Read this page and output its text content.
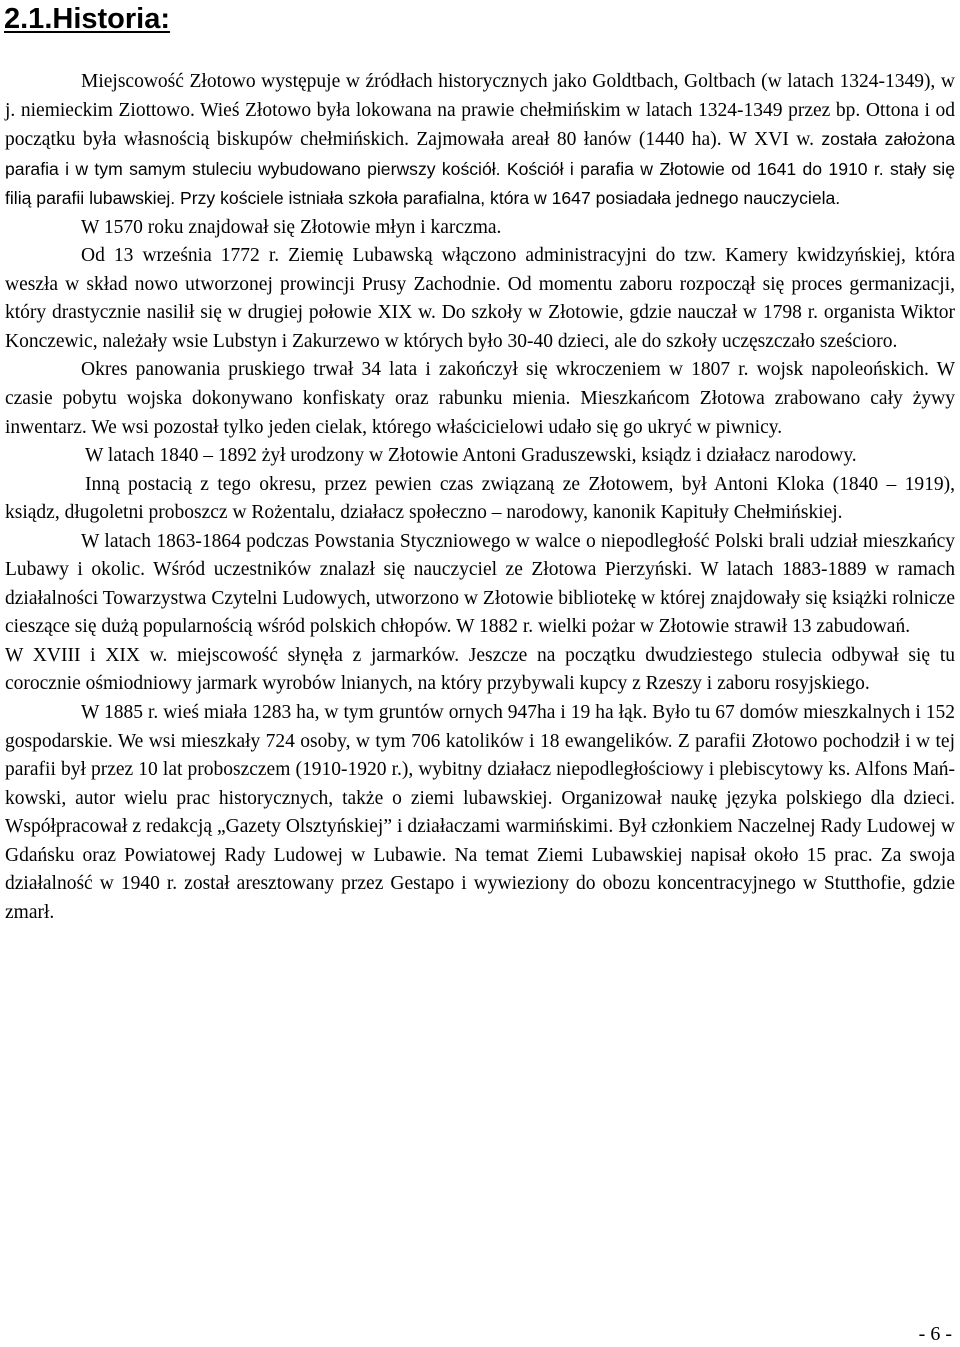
2.1.Historia:

Miejscowość Złotowo występuje w źródłach historycznych jako Goldtbach, Goltbach (w latach 1324-1349), w j. niemieckim Ziottowo. Wieś Złotowo była lokowana na prawie chełmińskim w latach 1324-1349 przez bp. Ottona i od początku była własnością biskupów chełmińskich. Zajmowała areał 80 łanów (1440 ha). W XVI w. została założona parafia i w tym samym stuleciu wybudowano pierwszy kościół. Kościół i parafia w Złotowie od 1641 do 1910 r. stały się filią parafii lubawskiej. Przy kościele istniała szkoła parafialna, która w 1647 posiadała jednego nauczyciela.

W 1570 roku znajdował się Złotowie młyn i karczma.

Od 13 września 1772 r. Ziemię Lubawską włączono administracyjni do tzw. Kamery kwidzyńskiej, która weszła w skład nowo utworzonej prowincji Prusy Zachodnie. Od momentu zaboru rozpoczął się proces germanizacji, który drastycznie nasilił się w drugiej połowie XIX w. Do szkoły w Złotowie, gdzie nauczał w 1798 r. organista Wiktor Konczewic, należały wsie Lubstyn i Zakurzewo w których było 30-40 dzieci, ale do szkoły uczęszczało sześcioro.

Okres panowania pruskiego trwał 34 lata i zakończył się wkroczeniem w 1807 r. wojsk napoleońskich. W czasie pobytu wojska dokonywano konfiskaty oraz rabunku mienia. Mieszkańcom Złotowa zrabowano cały żywy inwentarz. We wsi pozostał tylko jeden cielak, którego właścicielowi udało się go ukryć w piwnicy.

W latach 1840 – 1892 żył urodzony w Złotowie Antoni Graduszewski, ksiądz i działacz narodowy.

Inną postacią z tego okresu, przez pewien czas związaną ze Złotowem, był Antoni Kloka (1840 – 1919), ksiądz, długoletni proboszcz w Rożentalu, działacz społeczno – narodowy, kanonik Kapituły Chełmińskiej.

W latach 1863-1864 podczas Powstania Styczniowego w walce o niepodległość Polski brali udział mieszkańcy Lubawy i okolic. Wśród uczestników znalazł się nauczyciel ze Złotowa Pierzyński. W latach 1883-1889 w ramach działalności Towarzystwa Czytelni Ludowych, utworzono w Złotowie bibliotekę w której znajdowały się książki rolnicze cieszące się dużą popularnością wśród polskich chłopów. W 1882 r. wielki pożar w Złotowie strawił 13 zabudowań.

W XVIII i XIX w. miejscowość słynęła z jarmarków. Jeszcze na początku dwudziestego stulecia odbywał się tu corocznie ośmiodniowy jarmark wyrobów lnianych, na który przybywali kupcy z Rzeszy i zaboru rosyjskiego.

W 1885 r. wieś miała 1283 ha, w tym gruntów ornych 947ha i 19 ha łąk. Było tu 67 domów mieszkalnych i 152 gospodarskie. We wsi mieszkały 724 osoby, w tym 706 katolików i 18 ewangelików. Z parafii Złotowo pochodził i w tej parafii był przez 10 lat proboszczem (1910-1920 r.), wybitny działacz niepodległościowy i plebiscytowy ks. Alfons Mańkowski, autor wielu prac historycznych, także o ziemi lubawskiej. Organizował naukę języka polskiego dla dzieci. Współpracował z redakcją „Gazety Olsztyńskiej” i działaczami warmińskimi. Był członkiem Naczelnej Rady Ludowej w Gdańsku oraz Powiatowej Rady Ludowej w Lubawie. Na temat Ziemi Lubawskiej napisał około 15 prac. Za swoja działalność w 1940 r. został aresztowany przez Gestapo i wywieziony do obozu koncentracyjnego w Stutthofie, gdzie zmarł.

- 6 -
